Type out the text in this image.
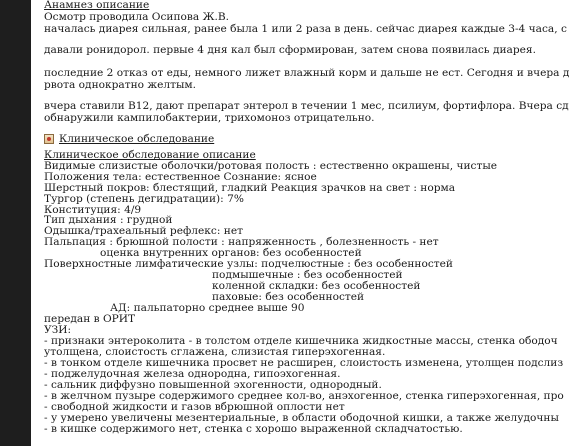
Анамнез описание
Осмотр проводила Осипова Ж.В.
началась диарея сильная, ранее была 1 или 2 раза в день. сейчас диарея каждые 3-4 часа, с
давали ронидорол. первые 4 дня кал был сформирован, затем снова появилась диарея.
последние 2 отказ от еды, немного лижет влажный корм и дальше не ест. Сегодня и вчера д
рвота однократно желтым.
вчера ставили B12, дают препарат энтерол в течении 1 мес, псилиум, фортифлора. Вчера сд
обнаружили кампилобактерии, трихомоноз отрицательно.
Клиническое обследование
Клиническое обследование описание
Видимые слизистые оболочки/ротовая полость : естественно окрашены, чистые
Положения тела: естественное Сознание: ясное
Шерстный покров: блестящий, гладкий Реакция зрачков на свет : норма
Тургор (степень дегидратации): 7%
Конституция: 4/9
Тип дыхания : грудной
Одышка/трахеальный рефлекс: нет
Пальпация : брюшной полости : напряженность , болезненность - нет
оценка внутренних органов: без особенностей
Поверхностные лимфатические узлы: подчелюстные : без особенностей
подмышечные : без особенностей
коленной складки: без особенностей
паховые: без особенностей
АД: пальпаторно среднее выше 90
передан в ОРИТ
УЗИ:
- признаки энтероколита - в толстом отделе кишечника жидкостные массы, стенка ободоч
утолщена, слоистость сглажена, слизистая гиперэхогенная.
- в тонком отделе кишечника просвет не расширен, слоистость изменена, утолщен подслиз
- поджелудочная железа однородна, гипоэхогенная.
- сальник диффузно повышенной эхогенности, однородный.
- в желчном пузыре содержимого среднее кол-во, анэхогенное, стенка гиперэхогенная, про
- свободной жидкости и газов вбрюшной оплости нет
- у умерено увеличены мезентериальные, в области ободочной кишки, а также желудочны
- в кишке содержимого нет, стенка с хорошо выраженной складчатостью.
